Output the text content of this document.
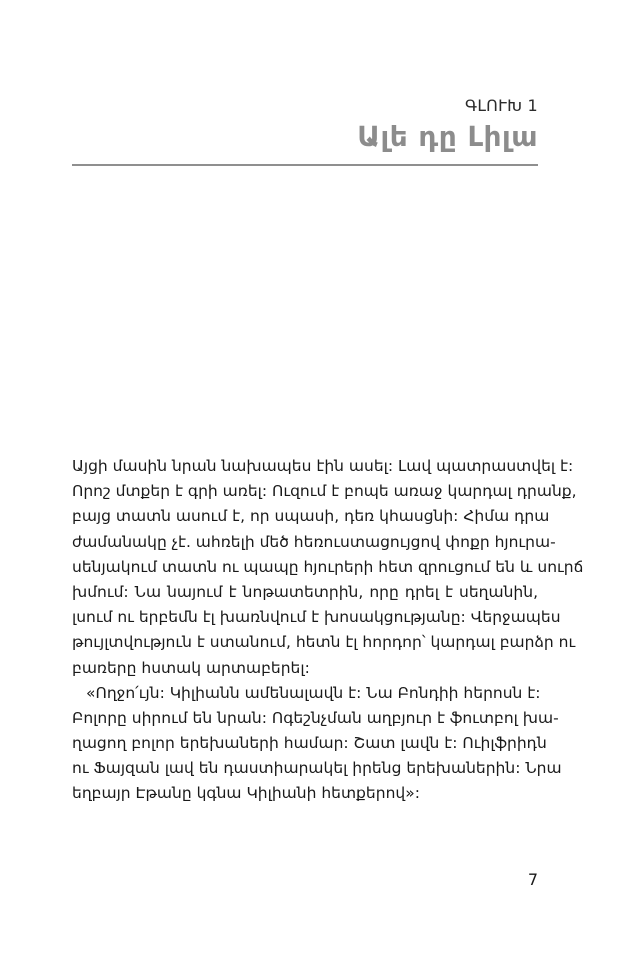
ԳԼՈՒԽ 1
Ալե դը Լիլա
Այցի մասին նրան նախապես էին ասել: Լավ պատրաստվել է:
Որոշ մտքեր է գրի առել: Ուզում է բոպե առաջ կարդալ դրանք,
բայց տատն ասում է, որ սպասի, դեռ կհասցնի: Հիմա դրա
ժամանակը չէ. ահռելի մեծ հեռուստացույցով փոքր հյուրա-
սենյակում տատն ու պապը հյուրերի հետ զրուցում են և սուրճ
խմում: Նա նայում է նոթատետրին, որը դրել է սեղանին,
լսում ու երբեմն էլ խառնվում է խոսակցությանը: Վերջապես
թույլտվություն է ստանում, հետն էլ հորդոր՝ կարդալ բարձր ու
բառերը հստակ արտաբերել:
«Ողջո՛ւյն: Կիլիանն ամենալավն է: Նա Բոնդիի հերոսն է:
Բոլորը սիրում են նրան: Ոգեշնչման աղբյուր է ֆուտբոլ խա-
ղացող բոլոր երեխաների համար: Շատ լավն է: Ուիլֆրիդն
ու Ֆայզան լավ են դաստիարակել իրենց երեխաներին: Նրա
եղբայր Էթանը կգնա Կիլիանի հետքերով»:
7
